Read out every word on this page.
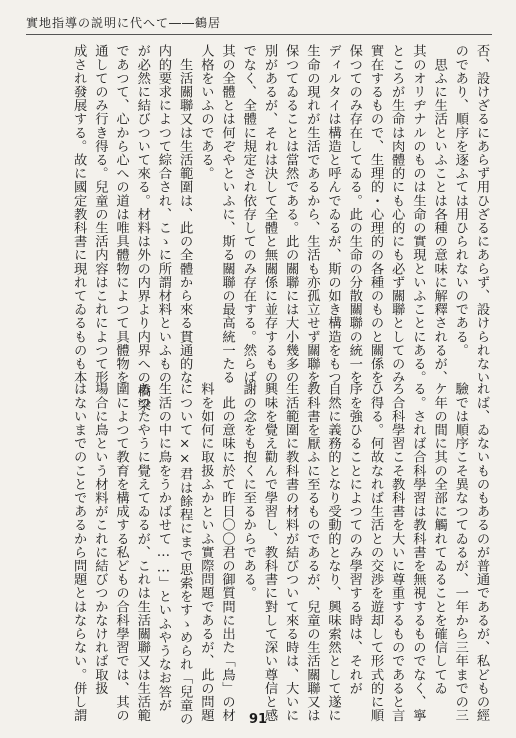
實地指導の説明に代へて――鶴居
否、設けざるにあらず用ひざるにあらず、設けられない
のであり、順序を逐ふては用ひられないのである。
　思ふに生活といふことは各種の意味に解釋されるが、
其のオリヂナルのものは生命の實現といふことにある。
ところが生命は肉體的にも心的にも必ず關聯としてのみ
實在するもので、生理的・心理的の各種のものと關係を
保つてのみ存在してゐる。此の生命の分散關聯の統一を
ディルタイは構造と呼んでゐるが、斯の如き構造をもつ
生命の現れが生活であるから、生活も亦孤立せず關聯を
保つてゐることは當然である。此の關聯には大小幾多の
別があるが、それは決して全體と無關係に並存するもの
でなく、全體に規定され依存してのみ存在する。然らば
其の全體とは何ぞやといふに、斯る關聯の最高統一たる
人格をいふのである。
　生活關聯又は生活範圍は、此の全體から來る貫通的な
内的要求によつて綜合され、こゝに所謂材料といふもの
が必然に結びついて來る。材料は外の内界より内界への橋梁
であつて、心から心への道は唯具體物によつて具體物を
通してのみ行き得る。兒童の生活内容はこれによつて形
成され發展する。故に國定教科書に現れてゐるものも本
れば、ゐないものもあるのが普通であるが、私どもの經
驗では順序こそ異なつてゐるが、一年から三年までの三
ケ年の間に其の全部に觸れてゐることを確信してゐ
る。されば合科學習は教科書を無視するものでなく、寧
ろ合科學習こそ教科書を大いに尊重するものであると言
ひ得る。何故なれば生活との交渉を遊却して形式的に順
序を強ひることによつてのみ學習する時は、それが
自然に義務的となり受動的となり、興味索然として遂に
教科書を厭ふに至るものであるが、兒童の生活關聯又は
生活範圍に教科書の材料が結びついて來る時は、大いに
興味を覺え勸んで學習し、教科書に對して深い尊信と感
謝の念をも抱くに至るからである。
　此の意味に於て昨日〇〇君の御質問に出た「鳥」の材
料を如何に取扱ふかといふ實際問題であるが、此の問題
について××君は餘程にまで思索をすゝめられ「兒童の
生活の中に鳥をうかばせて……」といふやうなお答が
あつたやうに覺えてゐるが、これは生活關聯又は生活範
圍によつて教育を構成する私どもの合科學習では、其の
場合に鳥という材料がこれに結びつかなければ取扱
はないまでのことであるから問題とはならない。併し謂	91
